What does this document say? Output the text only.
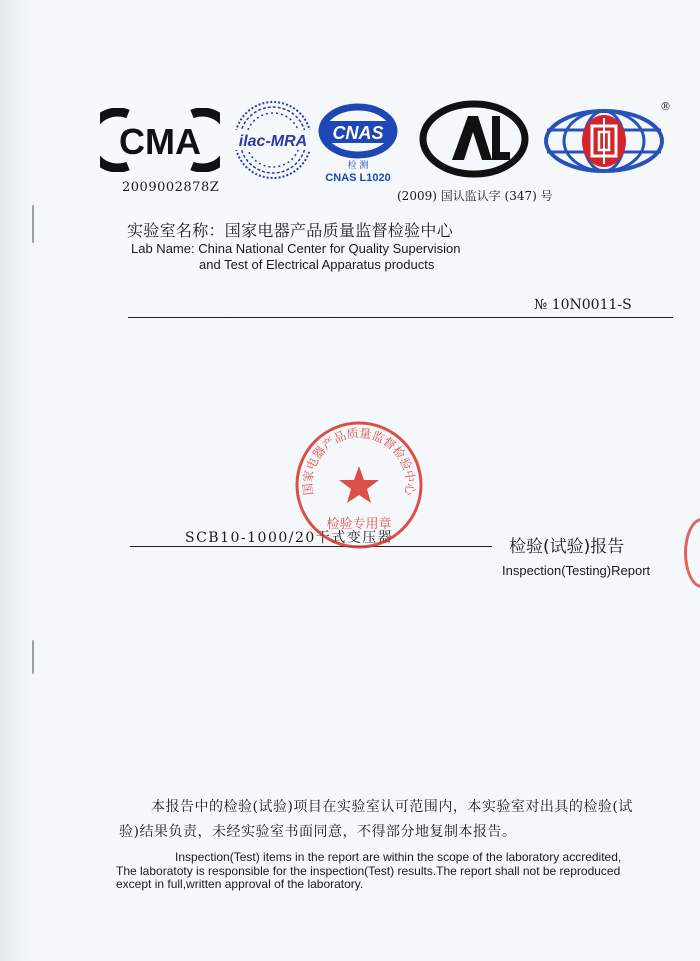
CMA ilac-MRA CNAS
检 测
CNAS L1020	CAL
®
2009002878Z
(2009) 国认监认字 (347) 号
实验室名称：国家电器产品质量监督检验中心
Lab Name: China National Center for Quality Supervision
and Test of Electrical Apparatus products
№ 10N0011-S
SCB10-1000/20干式变压器
国家电器产品质量监督检验中心
检验专用章
检验(试验)报告
Inspection(Testing)Report
本报告中的检验(试验)项目在实验室认可范围内，本实验室对出具的检验(试
验)结果负责，未经实验室书面同意，不得部分地复制本报告。
Inspection(Test) items in the report are within the scope of the laboratory accredited,
The laboratoty is responsible for the inspection(Test) results.The report shall not be reproduced
except in full,written approval of the laboratory.
